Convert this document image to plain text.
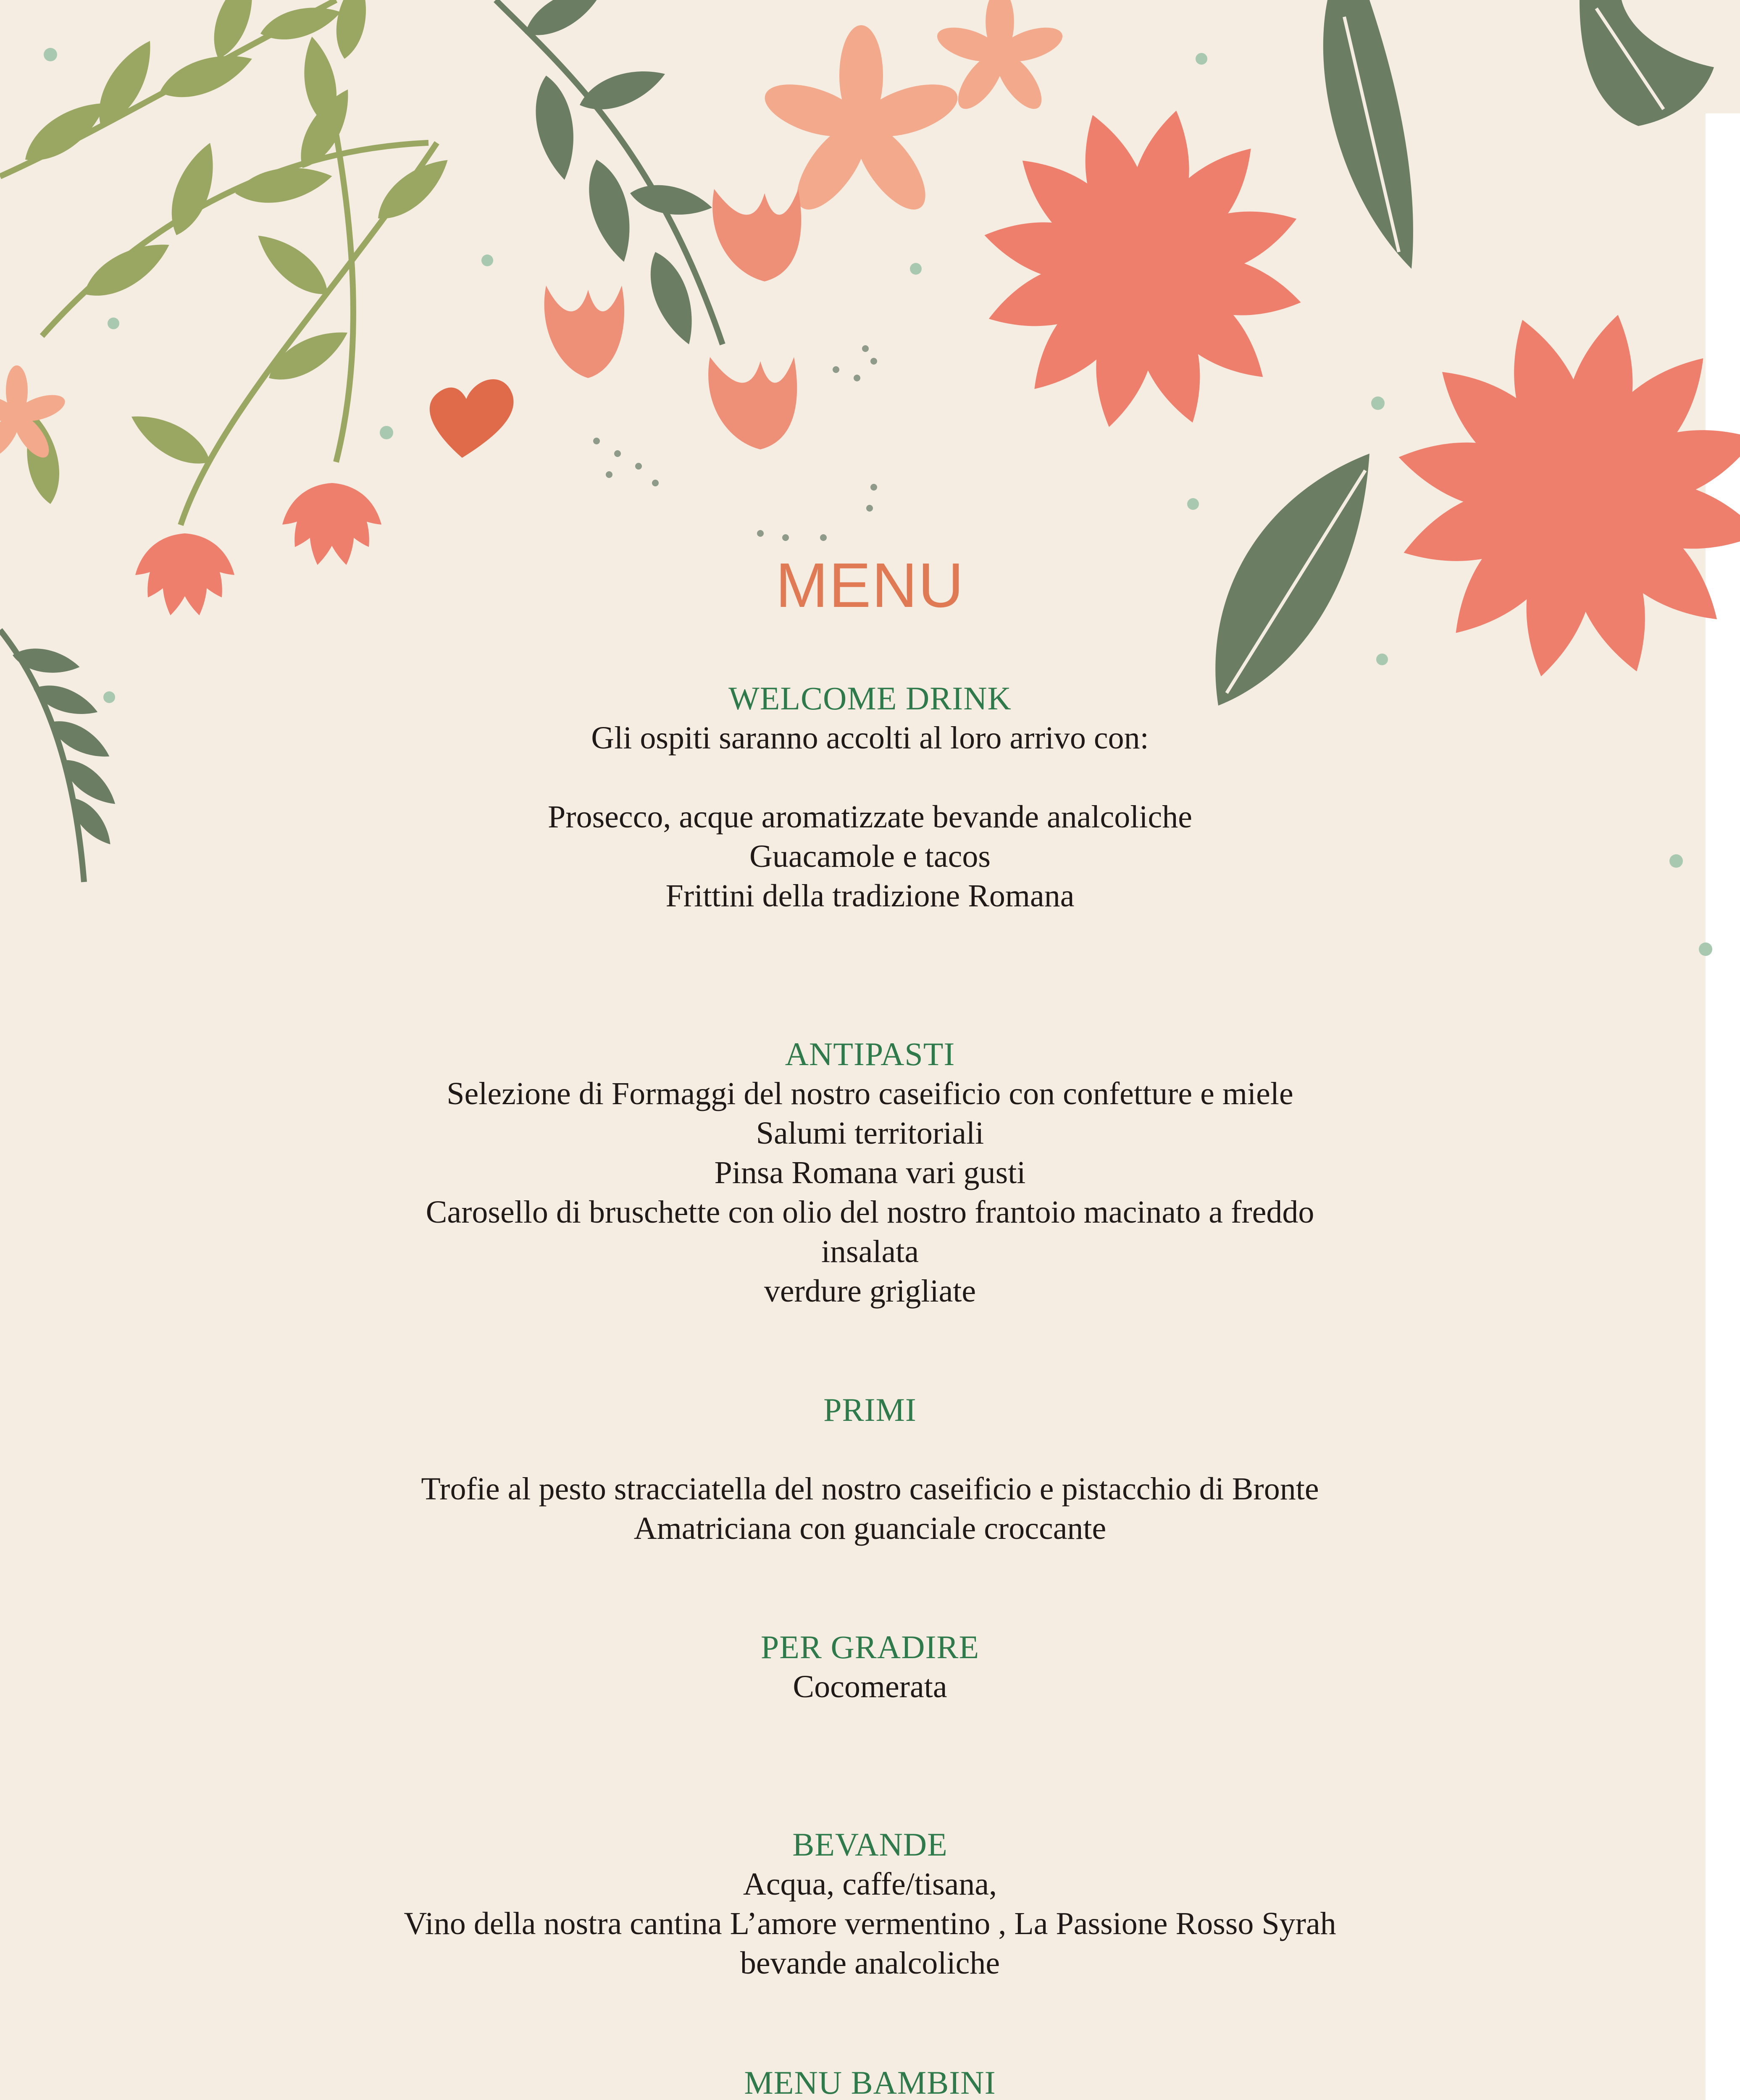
MENU

WELCOME DRINK

Gli ospiti saranno accolti al loro arrivo con:

Prosecco, acque aromatizzate bevande analcoliche

Guacamole e tacos

Frittini della tradizione Romana

ANTIPASTI

Selezione di Formaggi del nostro caseificio con confetture e miele

Salumi territoriali

Pinsa Romana vari gusti

Carosello di bruschette con olio del nostro frantoio macinato a freddo

insalata

verdure grigliate

PRIMI

Trofie al pesto stracciatella del nostro caseificio e pistacchio di Bronte

Amatriciana con guanciale croccante

PER GRADIRE

Cocomerata

BEVANDE

Acqua, caffe/tisana,

Vino della nostra cantina L’amore vermentino , La Passione Rosso Syrah

bevande analcoliche

MENU BAMBINI
